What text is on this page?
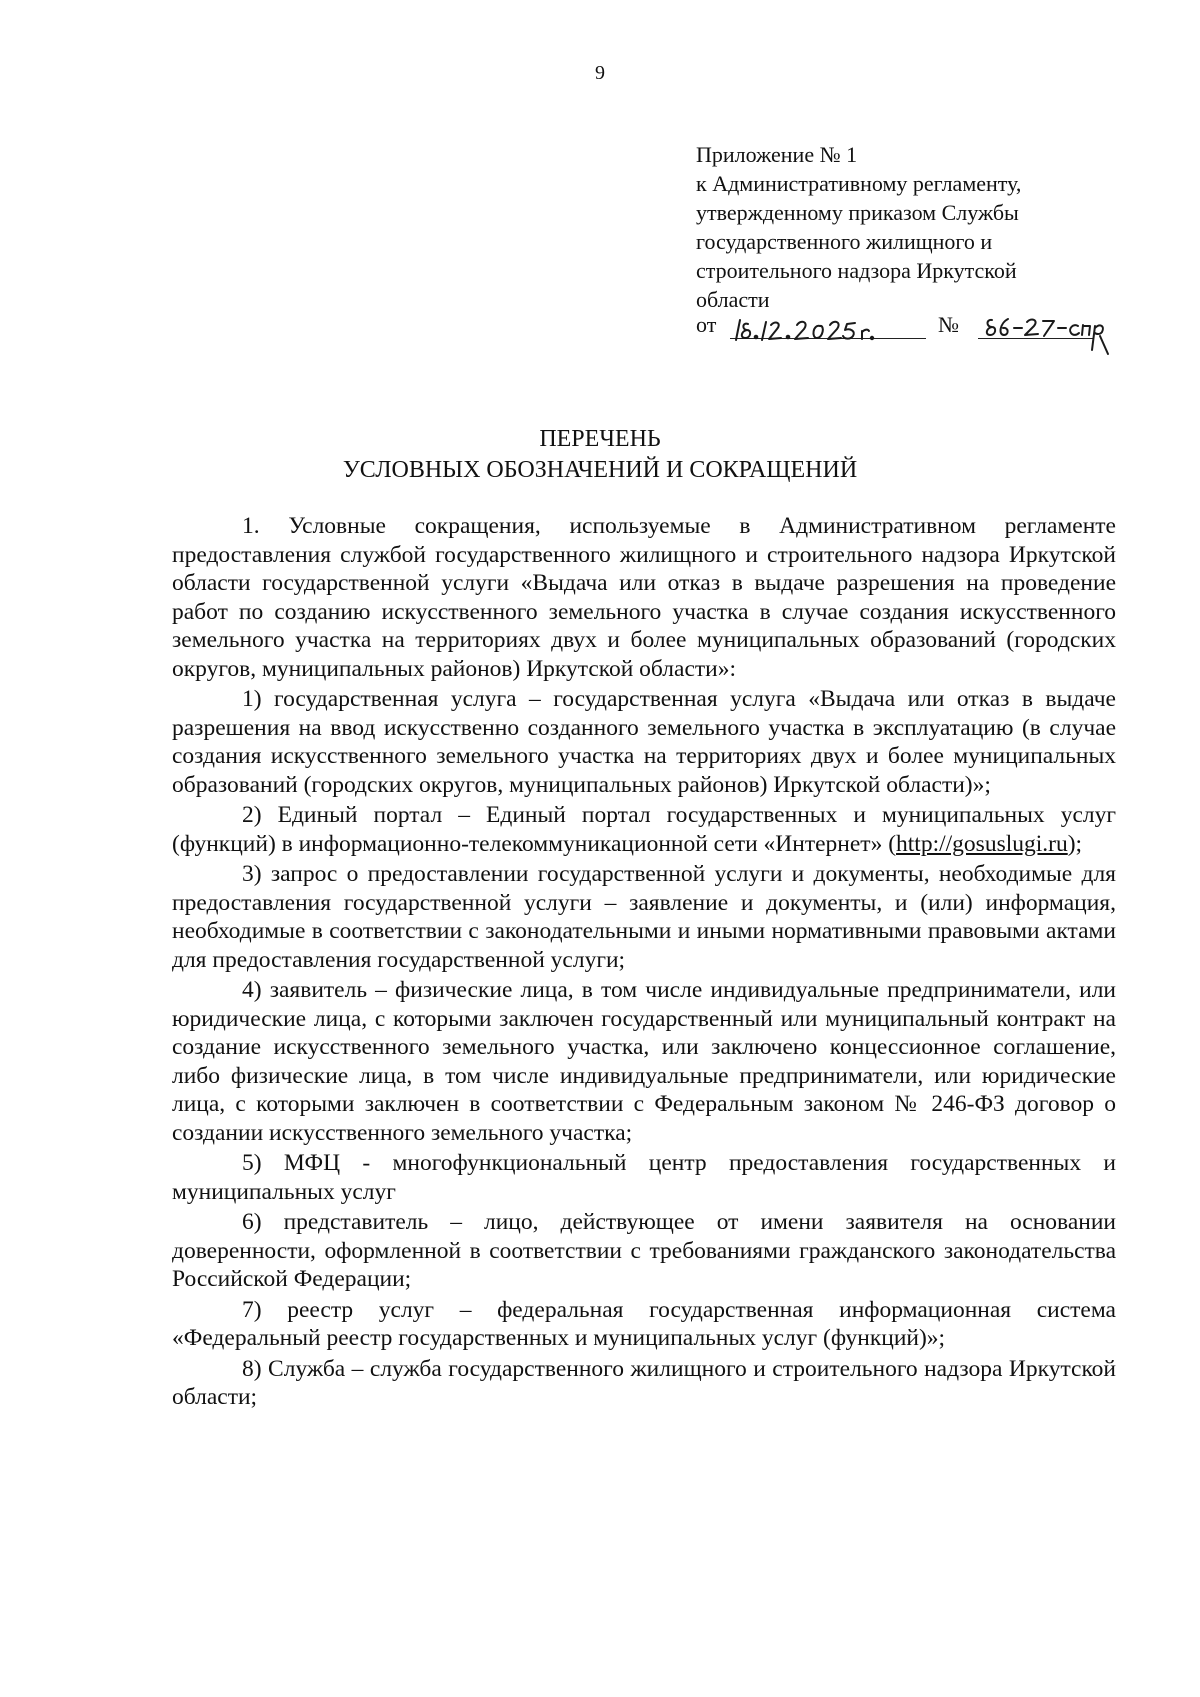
9
Приложение № 1
к Административному регламенту,
утвержденному приказом Службы
государственного жилищного и
строительного надзора Иркутской
области
от	№
ПЕРЕЧЕНЬ
УСЛОВНЫХ ОБОЗНАЧЕНИЙ И СОКРАЩЕНИЙ

1. Условные сокращения, используемые в Административном регламенте предоставления службой государственного жилищного и строительного надзора Иркутской области государственной услуги «Выдача или отказ в выдаче разрешения на проведение работ по созданию искусственного земельного участка в случае создания искусственного земельного участка на территориях двух и более муниципальных образований (городских округов, муниципальных районов) Иркутской области»:

1) государственная услуга – государственная услуга «Выдача или отказ в выдаче разрешения на ввод искусственно созданного земельного участка в эксплуатацию (в случае создания искусственного земельного участка на территориях двух и более муниципальных образований (городских округов, муниципальных районов) Иркутской области)»;

2) Единый портал – Единый портал государственных и муниципальных услуг (функций) в информационно-телекоммуникационной сети «Интернет» (http://gosuslugi.ru);

3) запрос о предоставлении государственной услуги и документы, необходимые для предоставления государственной услуги – заявление и документы, и (или) информация, необходимые в соответствии с законодательными и иными нормативными правовыми актами для предоставления государственной услуги;

4) заявитель – физические лица, в том числе индивидуальные предприниматели, или юридические лица, с которыми заключен государственный или муниципальный контракт на создание искусственного земельного участка, или заключено концессионное соглашение, либо физические лица, в том числе индивидуальные предприниматели, или юридические лица, с которыми заключен в соответствии с Федеральным законом № 246-ФЗ договор о создании искусственного земельного участка;

5) МФЦ - многофункциональный центр предоставления государственных и муниципальных услуг

6) представитель – лицо, действующее от имени заявителя на основании доверенности, оформленной в соответствии с требованиями гражданского законодательства Российской Федерации;

7) реестр услуг – федеральная государственная информационная система «Федеральный реестр государственных и муниципальных услуг (функций)»;

8) Служба – служба государственного жилищного и строительного надзора Иркутской области;
